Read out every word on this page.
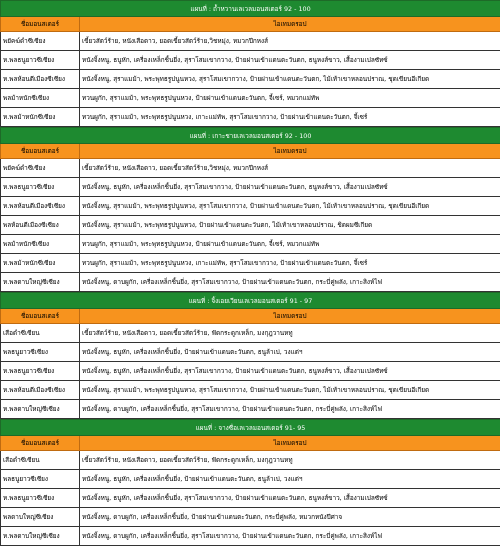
แผนที่ : ถ้ำหวานเลเวลมอนสเตอร์ 92 - 100	
ชื่อมอนสเตอร์	ไอเทมดรอป
พยัคฆ์ดำซีเซียง	เขี้ยวสัตว์ร้าย, หนังเสือดาว, ยอดเขี้ยวสัตว์ร้าย,วิชหมุ่ง, หมวกปีกหงส์
ห.พลธนูยาวซีเซียง	หนังจิ้งหนู, ธนูหัก, เครื่องเหล็กชิ้นยี่ง, สุราโสมเขากวาง, ป้ายผ่านเข้าแดนตะวันตก, ธนูหงส์ขาว, เสื้องามเปลซัทซ์
ห.พลห้อนตีเมืองซีเซียง	หนังจิ้งหนู, สุราแมม้า, พระพุทธรูปนูนหวง, สุราโสมเขากวาง, ป้ายผ่านเข้าแดนตะวันตก, ไม้เท้าเขาหลอนปราณ, ชุดเขียนอีเกียด
พลม้าหนักซีเซียง	ทวนผูกัก, สุราแมม้า, พระพุทธรูปนูนหวง, ป้ายผ่านเข้าแดนตะวันตก, จี้เซร์, หมวกแม่ทัพ
ห.พลม้าหนักซีเซียง	ทวนผูกัก, สุราแมม้า, พระพุทธรูปนูนหวง, เกาะแม่ทัพ, สุราโสมเขากวาง, ป้ายผ่านเข้าแดนตะวันตก, จี้เซร์
แผนที่ : เกาะชายเลเวลมอนสเตอร์ 92 - 100	
ชื่อมอนสเตอร์	ไอเทมดรอป
พยัคฆ์ดำซีเซียง	เขี้ยวสัตว์ร้าย, หนังเสือดาว, ยอดเขี้ยวสัตว์ร้าย,วิชหมุ่ง, หมวกปีกหงส์
ห.พลธนูยาวซีเซียง	หนังจิ้งหนู, ธนูหัก, เครื่องเหล็กชิ้นยี่ง, สุราโสมเขากวาง, ป้ายผ่านเข้าแดนตะวันตก, ธนูหงส์ขาว, เสื้องามเปลซัทซ์
ห.พลห้อนตีเมืองซีเซียง	หนังจิ้งหนู, สุราแมม้า, พระพุทธรูปนูนหวง, สุราโสมเขากวาง, ป้ายผ่านเข้าแดนตะวันตก, ไม้เท้าเขาหลอนปราณ, ชุดเขียนอีเกียด
พลห้อนตีเมืองซีเซียง	หนังจิ้งหนู, สุราแมม้า, พระพุทธรูปนูนหวง, ป้ายผ่านเข้าแดนตะวันตก, ไม้เท้าเขาหลอนปราณ, ชิดผมซีเกียด
พลม้าหนักซีเซียง	ทวนผูกัก, สุราแมม้า, พระพุทธรูปนูนหวง, ป้ายผ่านเข้าแดนตะวันตก, จี้เซร์, หมวกแม่ทัพ
ห.พลม้าหนักซีเซียง	ทวนผูกัก, สุราแมม้า, พระพุทธรูปนูนหวง, เกาะแม่ทัพ, สุราโสมเขากวาง, ป้ายผ่านเข้าแดนตะวันตก, จี้เซร์
ห.พลดาบใหญ่ซีเซียง	หนังจิ้งหนู, ดาบผูกัก, เครื่องเหล็กชิ้นยี่ง, สุราโสมเขากวาง, ป้ายผ่านเข้าแดนตะวันตก, กระบี่คู่พลัง, เกาะสิงห์ไฟ
แผนที่ : จิ้งเอยเวียนเลเวลมอนสเตอร์ 91 - 97	
ชื่อมอนสเตอร์	ไอเทมดรอป
เสือดำซีเซียน	เขี้ยวสัตว์ร้าย, หนังเสือดาว, ยอดเขี้ยวสัตว์ร้าย, ฟัดกระดูกเหล็ก, มงกุฎวานหทู
พลธนูยาวซีเซียง	หนังจิ้งหนู, ธนูหัก, เครื่องเหล็กชิ้นยี่ง, ป้ายผ่านเข้าแดนตะวันตก, ธนูล้าเบ่, วงแต่ฯ
ห.พลธนูยาวซีเซียง	หนังจิ้งหนู, ธนูหัก, เครื่องเหล็กชิ้นยี่ง, สุราโสมเขากวาง, ป้ายผ่านเข้าแดนตะวันตก, ธนูหงส์ขาว, เสื้องามเปลซัทซ์
ห.พลห้อนตีเมืองซีเซียง	หนังจิ้งหนู, สุราแมม้า, พระพุทธรูปนูนหวง, สุราโสมเขากวาง, ป้ายผ่านเข้าแดนตะวันตก, ไม้เท้าเขาหลอนปราณ, ชุดเขียนอีเกียด
ห.พลดาบใหญ่ซีเซียง	หนังจิ้งหนู, ดาบผูกัก, เครื่องเหล็กชิ้นยี่ง, สุราโสมเขากวาง, ป้ายผ่านเข้าแดนตะวันตก, กระบี่คู่พลัง, เกาะสิงห์ไฟ
แผนที่ : จางซื่อเลเวลมอนสเตอร์ 91- 95	
ชื่อมอนสเตอร์	ไอเทมดรอป
เสือดำซีเซียน	เขี้ยวสัตว์ร้าย, หนังเสือดาว, ยอดเขี้ยวสัตว์ร้าย, ฟัดกระดูกเหล็ก, มงกุฎวานหทู
พลธนูยาวซีเซียง	หนังจิ้งหนู, ธนูหัก, เครื่องเหล็กชิ้นยี่ง, ป้ายผ่านเข้าแดนตะวันตก, ธนูล้าเบ่, วงแต่ฯ
ห.พลธนูยาวซีเซียง	หนังจิ้งหนู, ธนูหัก, เครื่องเหล็กชิ้นยี่ง, สุราโสมเขากวาง, ป้ายผ่านเข้าแดนตะวันตก, ธนูหงส์ขาว, เสื้องามเปลซัทซ์
พลดาบใหญ่ซีเซียง	หนังจิ้งหนู, ดาบผูกัก, เครื่องเหล็กชิ้นยี่ง, ป้ายผ่านเข้าแดนตะวันตก, กระบี่คู่พลัง, หมวกหนังปีศาจ
ห.พลดาบใหญ่ซีเซียง	หนังจิ้งหนู, ดาบผูกัก, เครื่องเหล็กชิ้นยี่ง, สุราโสมเขากวาง, ป้ายผ่านเข้าแดนตะวันตก, กระบี่คู่พลัง, เกาะสิงห์ไฟ
